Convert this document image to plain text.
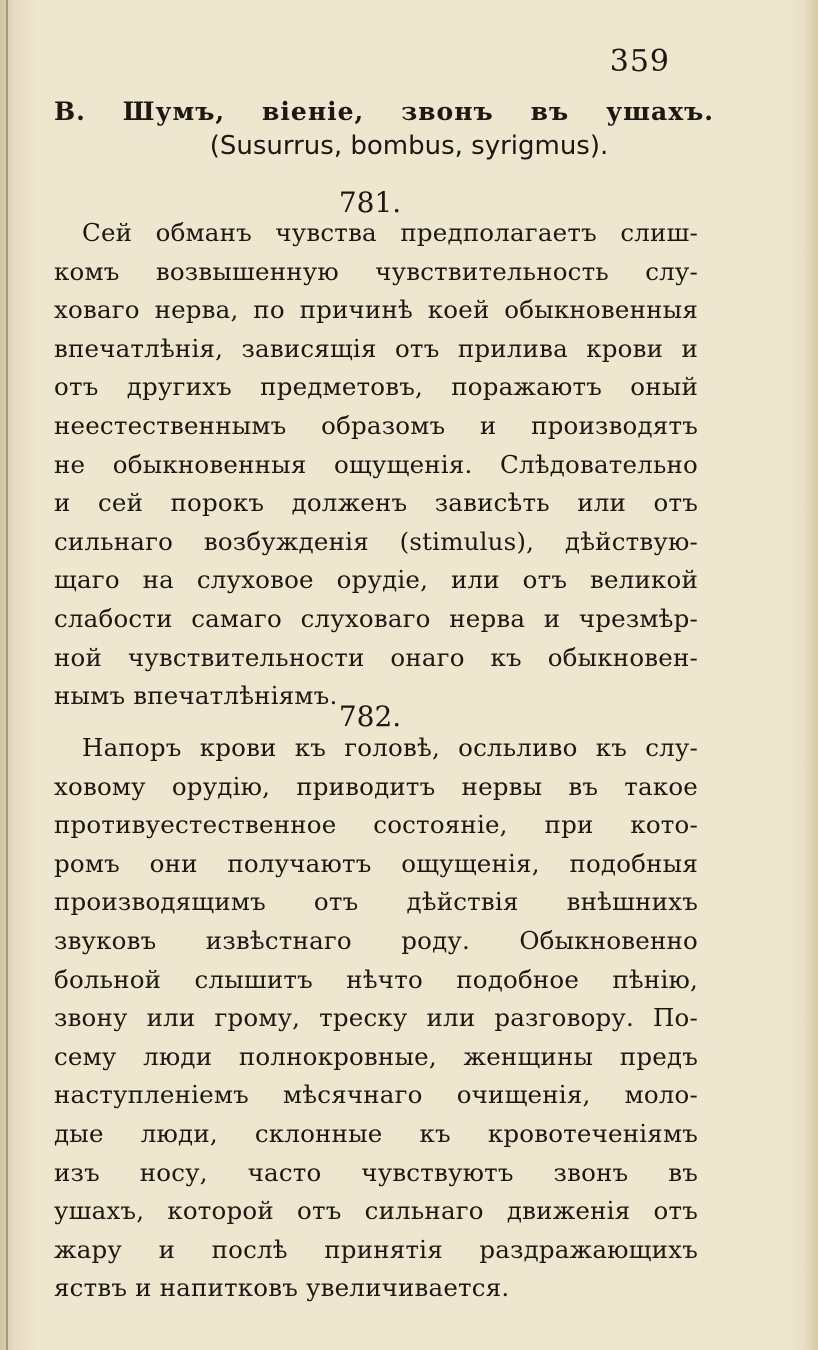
359
В. Шумъ, віеніе, звонъ въ ушахъ.
(Susurrus, bombus, syrigmus).
781.
Сей обманъ чувства предполагаетъ слиш-
комъ возвышенную чувствительность слу-
ховаго нерва, по причинѣ коей обыкновенныя
впечатлѣнія, зависящія отъ прилива крови и
отъ другихъ предметовъ, поражаютъ оный
неестественнымъ образомъ и производятъ
не обыкновенныя ощущенія. Слѣдовательно
и сей порокъ долженъ зависѣть или отъ
сильнаго возбужденія (stimulus), дѣйствую-
щаго на слуховое орудіе, или отъ великой
слабости самаго слуховаго нерва и чрезмѣр-
ной чувствительности онаго къ обыкновен-
нымъ впечатлѣніямъ.
782.
Напоръ крови къ головѣ, осльливо къ слу-
ховому орудію, приводитъ нервы въ такое
противуестественное состояніе, при кото-
ромъ они получаютъ ощущенія, подобныя
производящимъ отъ дѣйствія внѣшнихъ
звуковъ извѣстнаго роду. Обыкновенно
больной слышитъ нѣчто подобное пѣнію,
звону или грому, треску или разговору. По-
сему люди полнокровные, женщины предъ
наступленіемъ мѣсячнаго очищенія, моло-
дые люди, склонные къ кровотеченіямъ
изъ носу, часто чувствуютъ звонъ въ
ушахъ, которой отъ сильнаго движенія отъ
жару и послѣ принятія раздражающихъ
яствъ и напитковъ увеличивается.
